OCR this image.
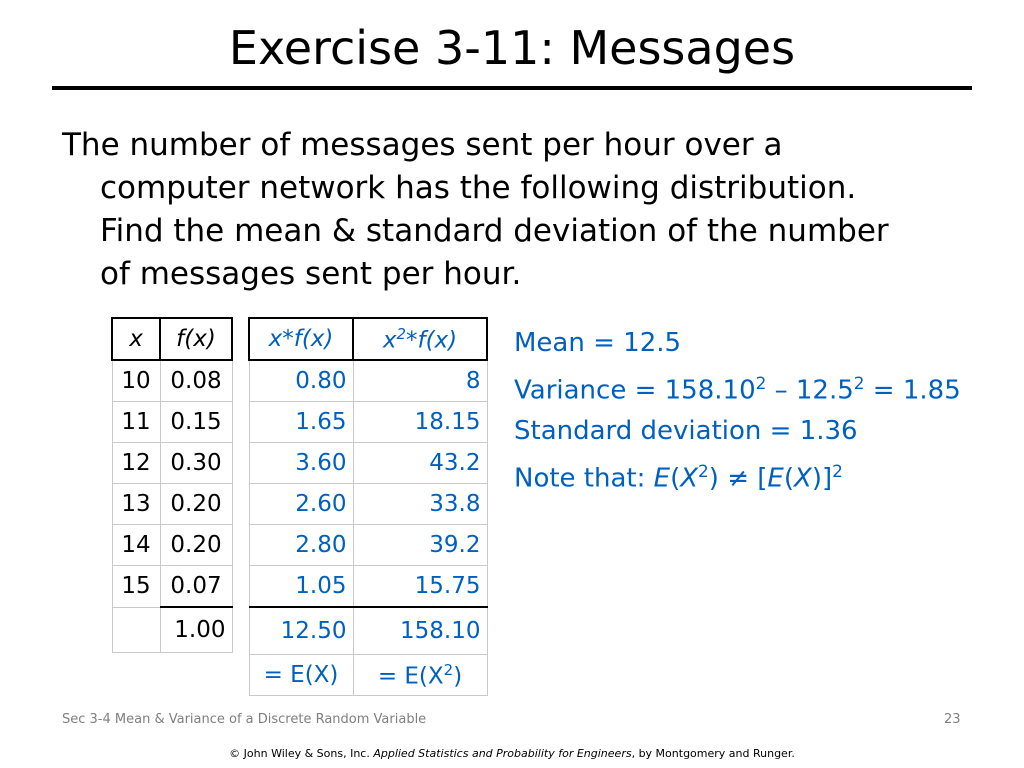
Exercise 3-11: Messages
The number of messages sent per hour over a
computer network has the following distribution.
Find the mean & standard deviation of the number
of messages sent per hour.
x	f(x)
10	0.08
11	0.15
12	0.30
13	0.20
14	0.20
15	0.07
	1.00
x*f(x)	$x^2*f(x)$
0.80	8
1.65	18.15
3.60	43.2
2.60	33.8
2.80	39.2
1.05	15.75
12.50	158.10
= E(X)	= $E(X^2)$
Mean = 12.5
Variance = $158.10^2 - 12.5^2 = 1.85$
Standard deviation = 1.36
Note that: $E(X^2) \ne [E(X)]^2$
Sec 3-4 Mean & Variance of a Discrete Random Variable	23
© John Wiley & Sons, Inc. Applied Statistics and Probability for Engineers, by Montgomery and Runger.
